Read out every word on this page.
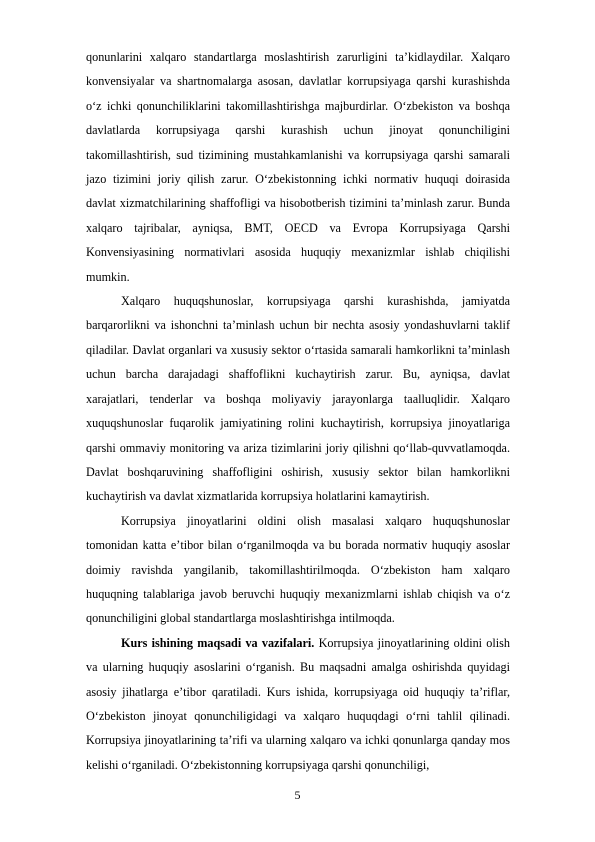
qonunlarini xalqaro standartlarga moslashtirish zarurligini taʼkidlaydilar. Xalqaro konvensiyalar va shartnomalarga asosan, davlatlar korrupsiyaga qarshi kurashishda oʻz ichki qonunchiliklarini takomillashtirishga majburdirlar. Oʻzbekiston va boshqa davlatlarda korrupsiyaga qarshi kurashish uchun jinoyat qonunchiligini takomillashtirish, sud tizimining mustahkamlanishi va korrupsiyaga qarshi samarali jazo tizimini joriy qilish zarur. Oʻzbekistonning ichki normativ huquqi doirasida davlat xizmatchilarining shaffofligi va hisobotberish tizimini taʼminlash zarur. Bunda xalqaro tajribalar, ayniqsa, BMT, OECD va Evropa Korrupsiyaga Qarshi Konvensiyasining normativlari asosida huquqiy mexanizmlar ishlab chiqilishi mumkin.

Xalqaro huquqshunoslar, korrupsiyaga qarshi kurashishda, jamiyatda barqarorlikni va ishonchni taʼminlash uchun bir nechta asosiy yondashuvlarni taklif qiladilar. Davlat organlari va xususiy sektor oʻrtasida samarali hamkorlikni taʼminlash uchun barcha darajadagi shaffoflikni kuchaytirish zarur. Bu, ayniqsa, davlat xarajatlari, tenderlar va boshqa moliyaviy jarayonlarga taalluqlidir. Xalqaro xuquqshunoslar fuqarolik jamiyatining rolini kuchaytirish, korrupsiya jinoyatlariga qarshi ommaviy monitoring va ariza tizimlarini joriy qilishni qoʻllab-quvvatlamoqda. Davlat boshqaruvining shaffofligini oshirish, xususiy sektor bilan hamkorlikni kuchaytirish va davlat xizmatlarida korrupsiya holatlarini kamaytirish.

Korrupsiya jinoyatlarini oldini olish masalasi xalqaro huquqshunoslar tomonidan katta eʼtibor bilan oʻrganilmoqda va bu borada normativ huquqiy asoslar doimiy ravishda yangilanib, takomillashtirilmoqda. Oʻzbekiston ham xalqaro huquqning talablariga javob beruvchi huquqiy mexanizmlarni ishlab chiqish va oʻz qonunchiligini global standartlarga moslashtirishga intilmoqda.

Kurs ishining maqsadi va vazifalari. Korrupsiya jinoyatlarining oldini olish va ularning huquqiy asoslarini oʻrganish. Bu maqsadni amalga oshirishda quyidagi asosiy jihatlarga eʼtibor qaratiladi. Kurs ishida, korrupsiyaga oid huquqiy taʼriflar, Oʻzbekiston jinoyat qonunchiligidagi va xalqaro huquqdagi oʻrni tahlil qilinadi. Korrupsiya jinoyatlarining taʼrifi va ularning xalqaro va ichki qonunlarga qanday mos kelishi oʻrganiladi. Oʻzbekistonning korrupsiyaga qarshi qonunchiligi,

5
